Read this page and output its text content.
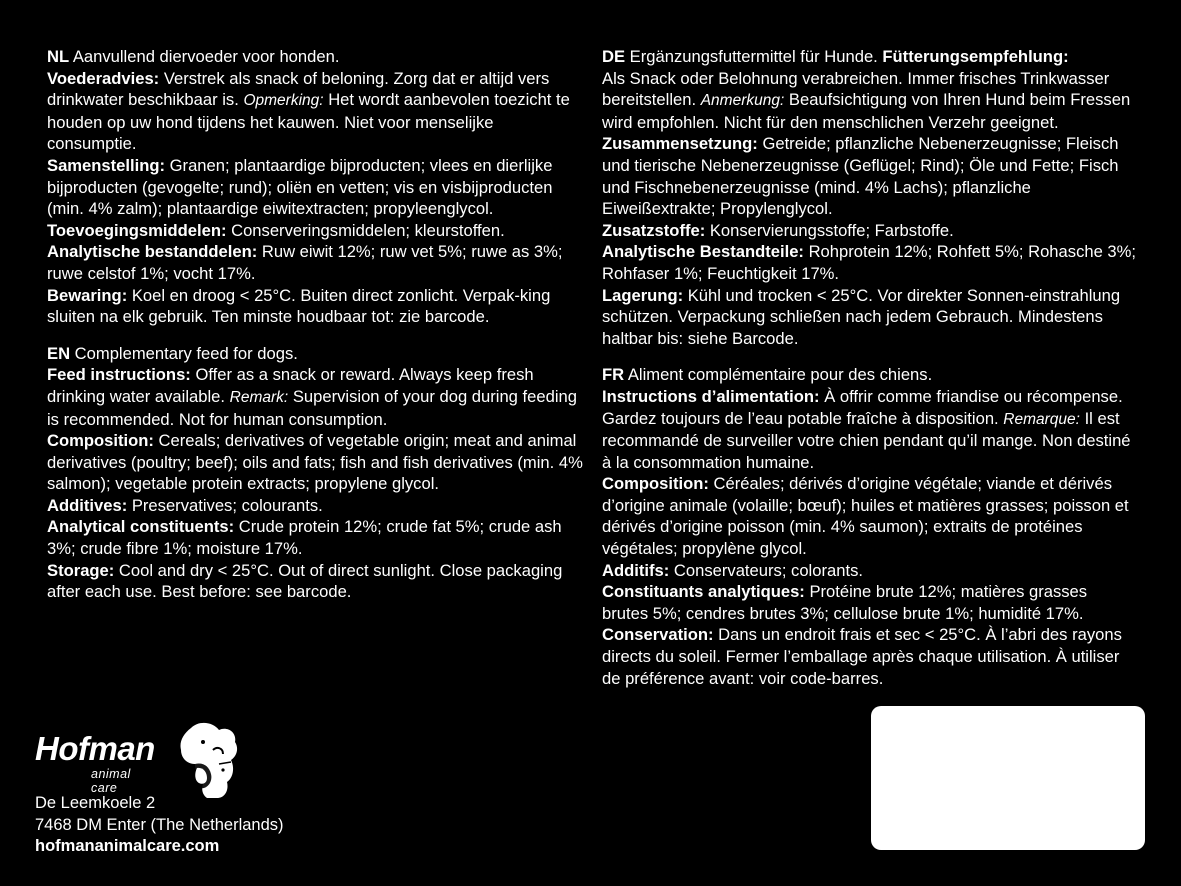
NL Aanvullend diervoeder voor honden.
Voederadvies: Verstrek als snack of beloning. Zorg dat er altijd vers drinkwater beschikbaar is. Opmerking: Het wordt aanbevolen toezicht te houden op uw hond tijdens het kauwen. Niet voor menselijke consumptie.
Samenstelling: Granen; plantaardige bijproducten; vlees en dierlijke bijproducten (gevogelte; rund); oliën en vetten; vis en visbijproducten (min. 4% zalm); plantaardige eiwitextracten; propyleenglycol.
Toevoegingsmiddelen: Conserveringsmiddelen; kleurstoffen.
Analytische bestanddelen: Ruw eiwit 12%; ruw vet 5%; ruwe as 3%; ruwe celstof 1%; vocht 17%.
Bewaring: Koel en droog < 25°C. Buiten direct zonlicht. Verpak-king sluiten na elk gebruik. Ten minste houdbaar tot: zie barcode.

EN Complementary feed for dogs.
Feed instructions: Offer as a snack or reward. Always keep fresh drinking water available. Remark: Supervision of your dog during feeding is recommended. Not for human consumption.
Composition: Cereals; derivatives of vegetable origin; meat and animal derivatives (poultry; beef); oils and fats; fish and fish derivatives (min. 4% salmon); vegetable protein extracts; propylene glycol.
Additives: Preservatives; colourants.
Analytical constituents: Crude protein 12%; crude fat 5%; crude ash 3%; crude fibre 1%; moisture 17%.
Storage: Cool and dry < 25°C. Out of direct sunlight. Close packaging after each use. Best before: see barcode.

DE Ergänzungsfuttermittel für Hunde. Fütterungsempfehlung:
Als Snack oder Belohnung verabreichen. Immer frisches Trinkwasser bereitstellen. Anmerkung: Beaufsichtigung von Ihren Hund beim Fressen wird empfohlen. Nicht für den menschlichen Verzehr geeignet. Zusammensetzung: Getreide; pflanzliche Nebenerzeugnisse; Fleisch und tierische Nebenerzeugnisse (Geflügel; Rind); Öle und Fette; Fisch und Fischnebenerzeugnisse (mind. 4% Lachs); pflanzliche Eiweißextrakte; Propylenglycol.
Zusatzstoffe: Konservierungsstoffe; Farbstoffe.
Analytische Bestandteile: Rohprotein 12%; Rohfett 5%; Rohasche 3%; Rohfaser 1%; Feuchtigkeit 17%.
Lagerung: Kühl und trocken < 25°C. Vor direkter Sonnen-einstrahlung schützen. Verpackung schließen nach jedem Gebrauch. Mindestens haltbar bis: siehe Barcode.

FR Aliment complémentaire pour des chiens.
Instructions d’alimentation: À offrir comme friandise ou récompense. Gardez toujours de l’eau potable fraîche à disposition. Remarque: Il est recommandé de surveiller votre chien pendant qu’il mange. Non destiné à la consommation humaine.
Composition: Céréales; dérivés d’origine végétale; viande et dérivés d’origine animale (volaille; bœuf); huiles et matières grasses; poisson et dérivés d’origine poisson (min. 4% saumon); extraits de protéines végétales; propylène glycol.
Additifs: Conservateurs; colorants.
Constituants analytiques: Protéine brute 12%; matières grasses brutes 5%; cendres brutes 3%; cellulose brute 1%; humidité 17%. Conservation: Dans un endroit frais et sec < 25°C. À l’abri des rayons directs du soleil. Fermer l’emballage après chaque utilisation. À utiliser de préférence avant: voir code-barres.

Hofman
animal care
De Leemkoele 2
7468 DM Enter (The Netherlands)
hofmananimalcare.com
